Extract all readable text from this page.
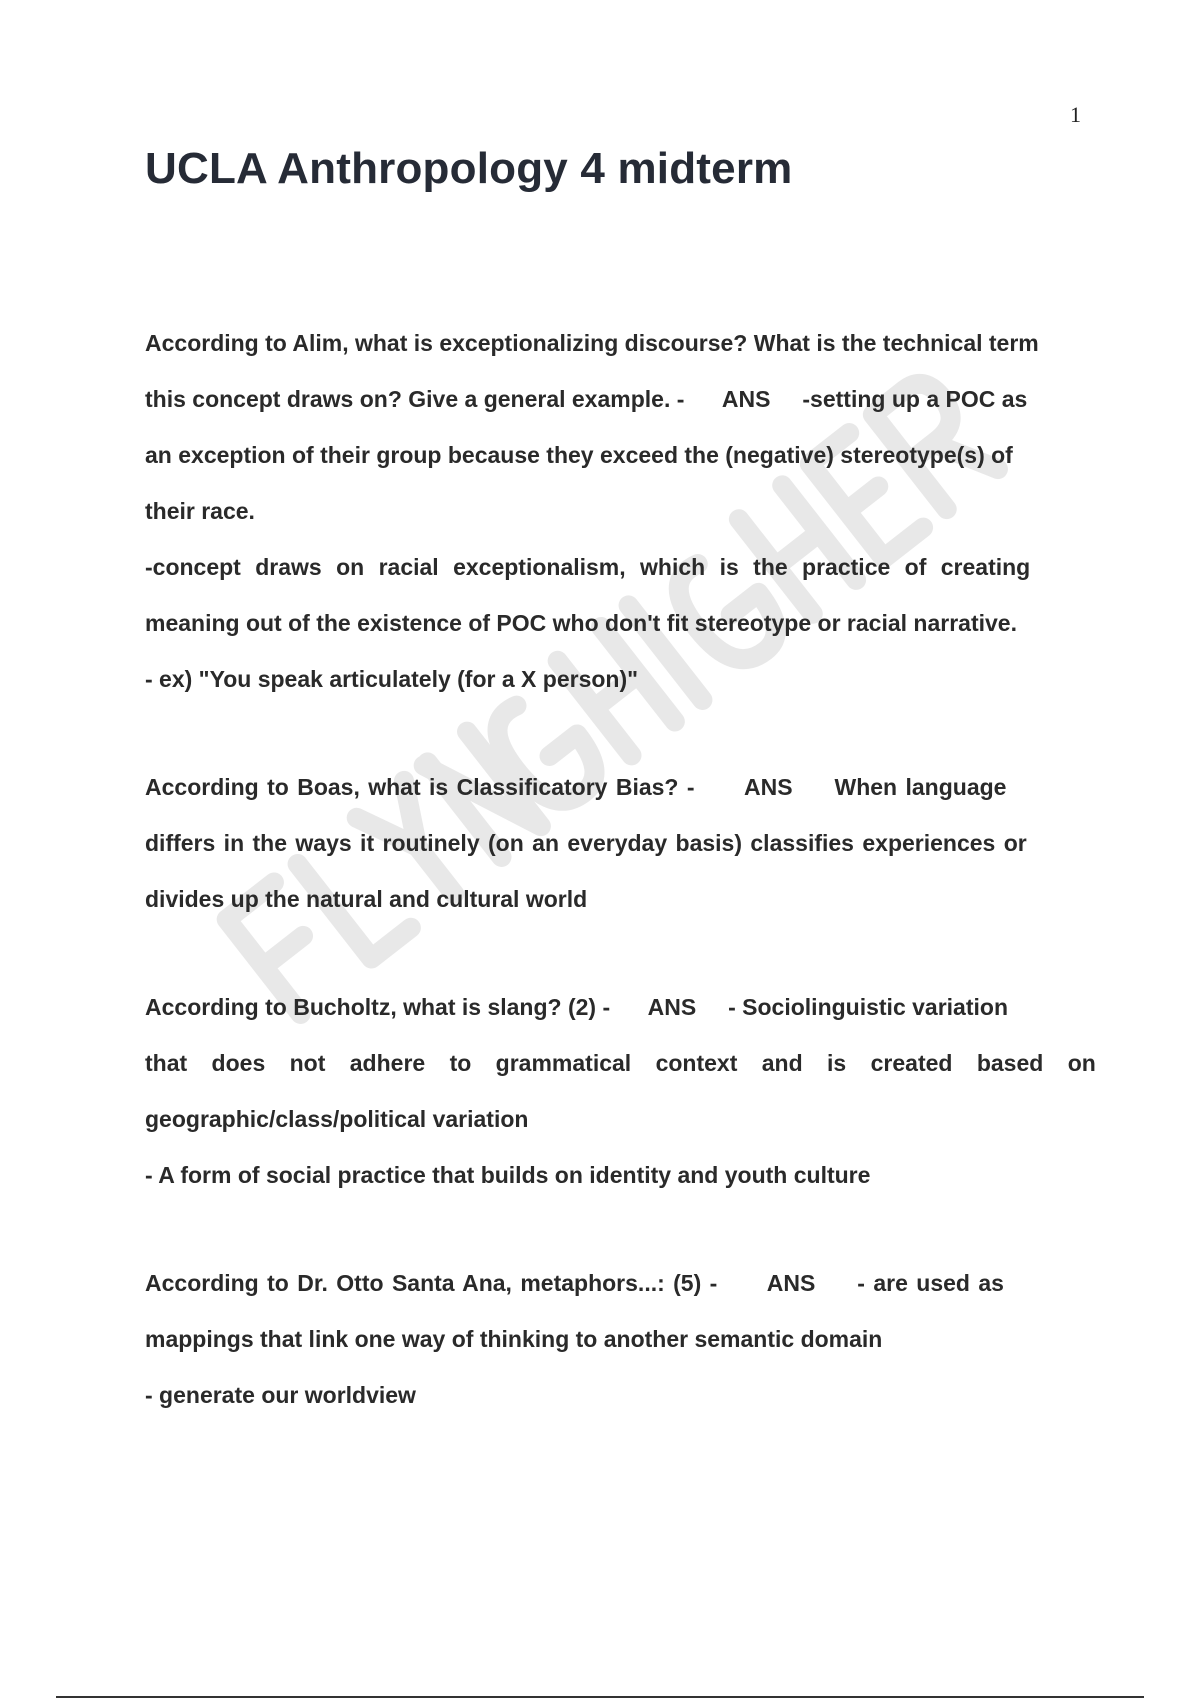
1
UCLA Anthropology 4 midterm
According to Alim, what is exceptionalizing discourse? What is the technical term
this concept draws on? Give a general example. -      ANS     -setting up a POC as
an exception of their group because they exceed the (negative) stereotype(s) of
their race.
-concept draws on racial exceptionalism, which is the practice of creating
meaning out of the existence of POC who don't fit stereotype or racial narrative.
- ex) "You speak articulately (for a X person)"
According to Boas, what is Classificatory Bias? -      ANS     When language
differs in the ways it routinely (on an everyday basis) classifies experiences or
divides up the natural and cultural world
According to Bucholtz, what is slang? (2) -      ANS     - Sociolinguistic variation
that does not adhere to grammatical context and is created based on
geographic/class/political variation
- A form of social practice that builds on identity and youth culture
According to Dr. Otto Santa Ana, metaphors...: (5) -      ANS     - are used as
mappings that link one way of thinking to another semantic domain
- generate our worldview
